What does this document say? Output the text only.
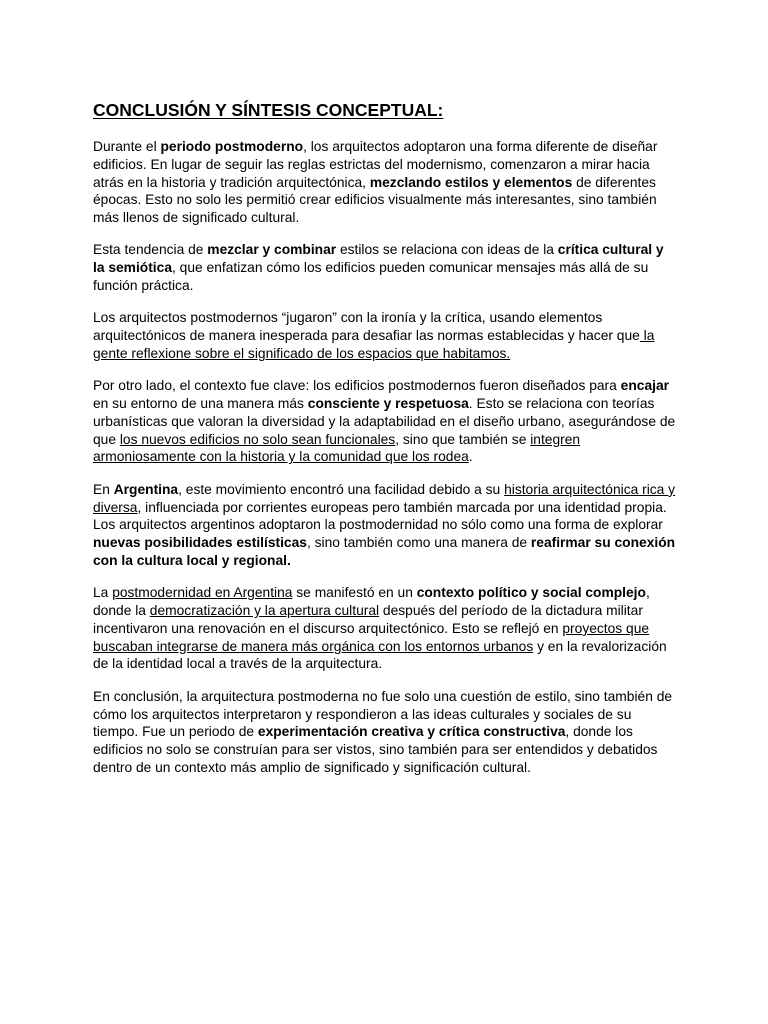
CONCLUSIÓN Y SÍNTESIS CONCEPTUAL:
Durante el periodo postmoderno, los arquitectos adoptaron una forma diferente de diseñar edificios. En lugar de seguir las reglas estrictas del modernismo, comenzaron a mirar hacia atrás en la historia y tradición arquitectónica, mezclando estilos y elementos de diferentes épocas. Esto no solo les permitió crear edificios visualmente más interesantes, sino también más llenos de significado cultural.
Esta tendencia de mezclar y combinar estilos se relaciona con ideas de la crítica cultural y la semiótica, que enfatizan cómo los edificios pueden comunicar mensajes más allá de su función práctica.
Los arquitectos postmodernos “jugaron” con la ironía y la crítica, usando elementos arquitectónicos de manera inesperada para desafiar las normas establecidas y hacer que la gente reflexione sobre el significado de los espacios que habitamos.
Por otro lado, el contexto fue clave: los edificios postmodernos fueron diseñados para encajar en su entorno de una manera más consciente y respetuosa. Esto se relaciona con teorías urbanísticas que valoran la diversidad y la adaptabilidad en el diseño urbano, asegurándose de que los nuevos edificios no solo sean funcionales, sino que también se integren armoniosamente con la historia y la comunidad que los rodea.
En Argentina, este movimiento encontró una facilidad debido a su historia arquitectónica rica y diversa, influenciada por corrientes europeas pero también marcada por una identidad propia. Los arquitectos argentinos adoptaron la postmodernidad no sólo como una forma de explorar nuevas posibilidades estilísticas, sino también como una manera de reafirmar su conexión con la cultura local y regional.
La postmodernidad en Argentina se manifestó en un contexto político y social complejo, donde la democratización y la apertura cultural después del período de la dictadura militar incentivaron una renovación en el discurso arquitectónico. Esto se reflejó en proyectos que buscaban integrarse de manera más orgánica con los entornos urbanos y en la revalorización de la identidad local a través de la arquitectura.
En conclusión, la arquitectura postmoderna no fue solo una cuestión de estilo, sino también de cómo los arquitectos interpretaron y respondieron a las ideas culturales y sociales de su tiempo. Fue un periodo de experimentación creativa y crítica constructiva, donde los edificios no solo se construían para ser vistos, sino también para ser entendidos y debatidos dentro de un contexto más amplio de significado y significación cultural.
